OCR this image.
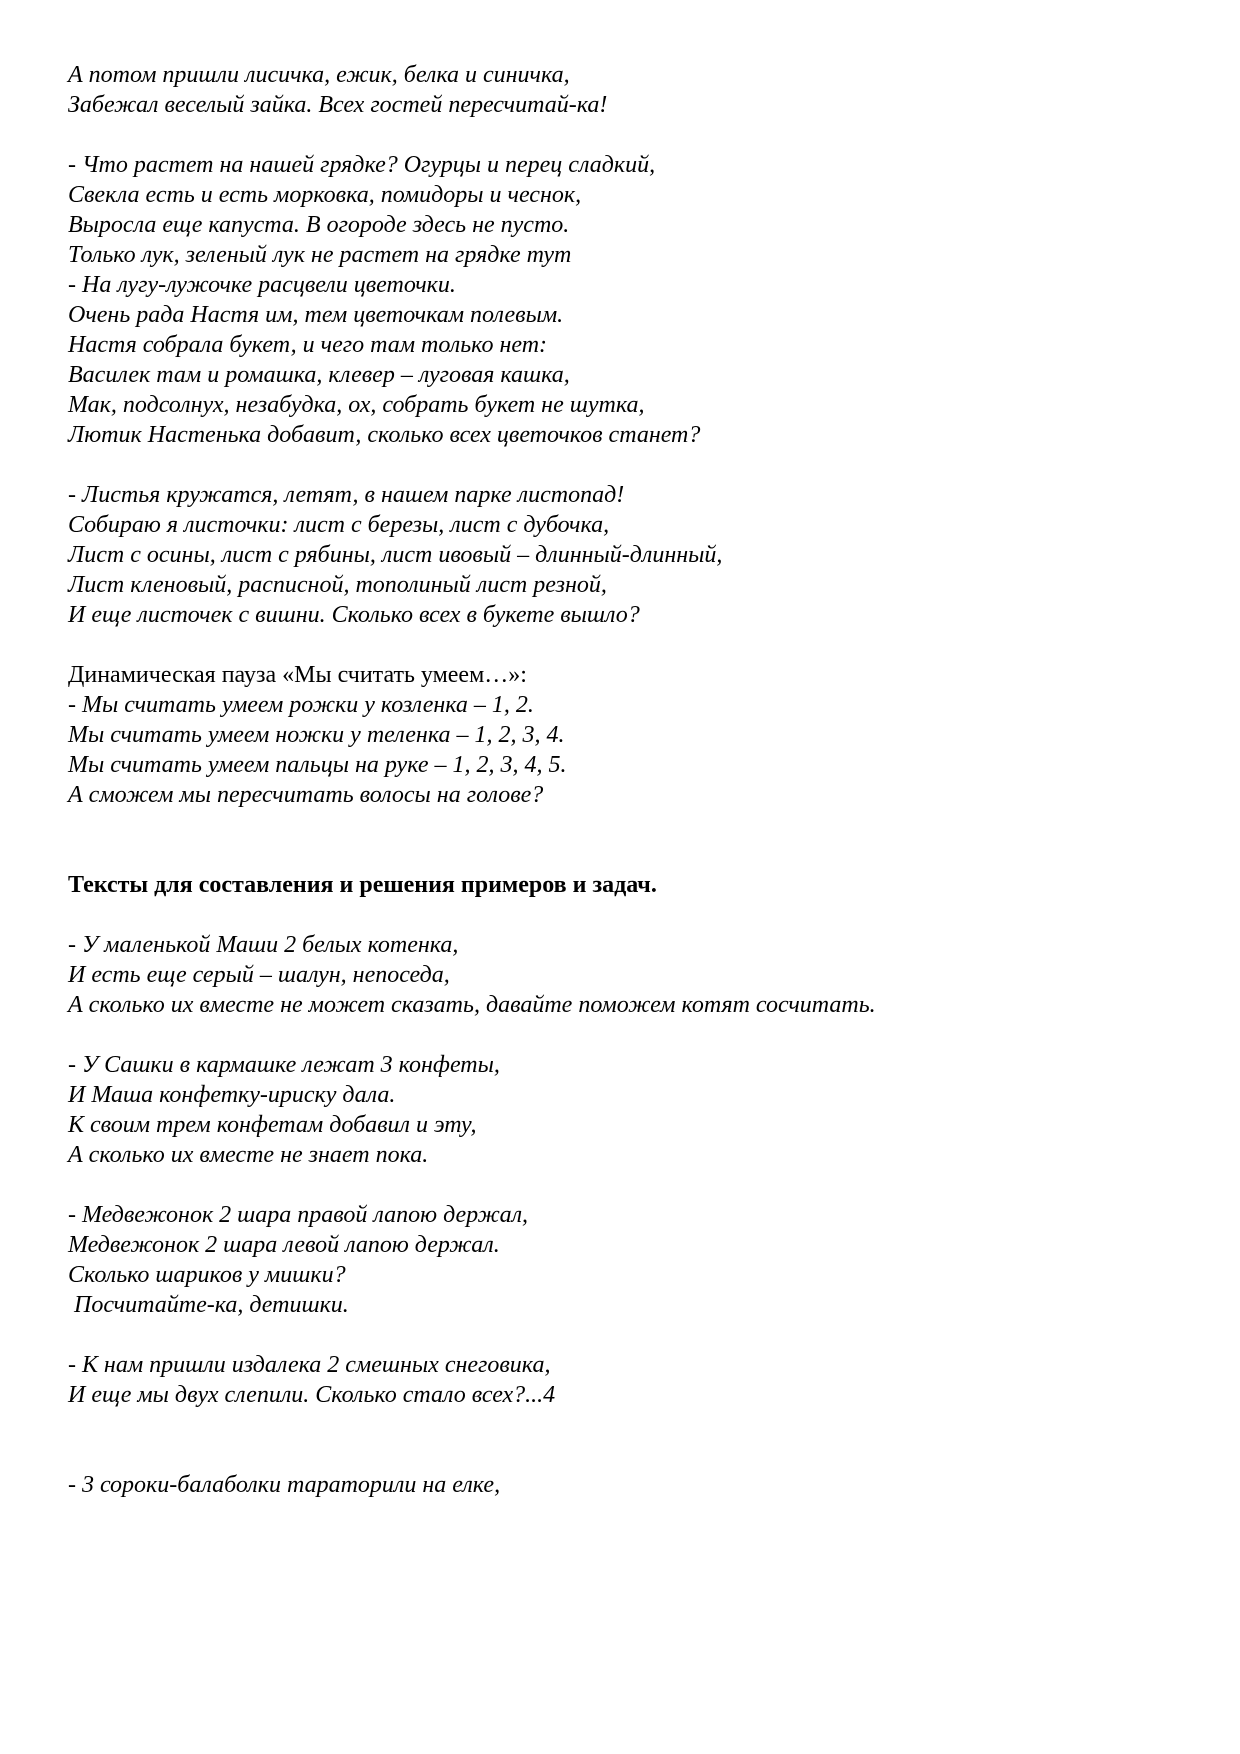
А потом пришли лисичка, ежик, белка и синичка,
Забежал веселый зайка. Всех гостей пересчитай-ка!
- Что растет на нашей грядке? Огурцы и перец сладкий,
Свекла есть и есть морковка, помидоры и чеснок,
Выросла еще капуста. В огороде здесь не пусто.
Только лук, зеленый лук не растет на грядке тут
- На лугу-лужочке расцвели цветочки.
Очень рада Настя им, тем цветочкам полевым.
Настя собрала букет, и чего там только нет:
Василек там и ромашка, клевер – луговая кашка,
Мак, подсолнух, незабудка, ох, собрать букет не шутка,
Лютик Настенька добавит, сколько всех цветочков станет?
- Листья кружатся, летят, в нашем парке листопад!
Собираю я листочки: лист с березы, лист с дубочка,
Лист с осины, лист с рябины, лист ивовый – длинный-длинный,
Лист кленовый, расписной, тополиный лист резной,
И еще листочек с вишни. Сколько всех в букете вышло?
Динамическая пауза «Мы считать умеем…»:
- Мы считать умеем рожки у козленка – 1, 2.
Мы считать умеем ножки у теленка – 1, 2, 3, 4.
Мы считать умеем пальцы на руке – 1, 2, 3, 4, 5.
А сможем мы пересчитать волосы на голове?
Тексты для составления и решения примеров и задач.
- У маленькой Маши 2 белых котенка,
И есть еще серый – шалун, непоседа,
А сколько их вместе не может сказать, давайте поможем котят сосчитать.
- У Сашки в кармашке лежат 3 конфеты,
И Маша конфетку-ириску дала.
К своим трем конфетам добавил и эту,
А сколько их вместе не знает пока.
- Медвежонок 2 шара правой лапою держал,
Медвежонок 2 шара левой лапою держал.
Сколько шариков у мишки?
Посчитайте-ка, детишки.
- К нам пришли издалека 2 смешных снеговика,
И еще мы двух слепили. Сколько стало всех?...4
- 3 сороки-балаболки тараторили на елке,
